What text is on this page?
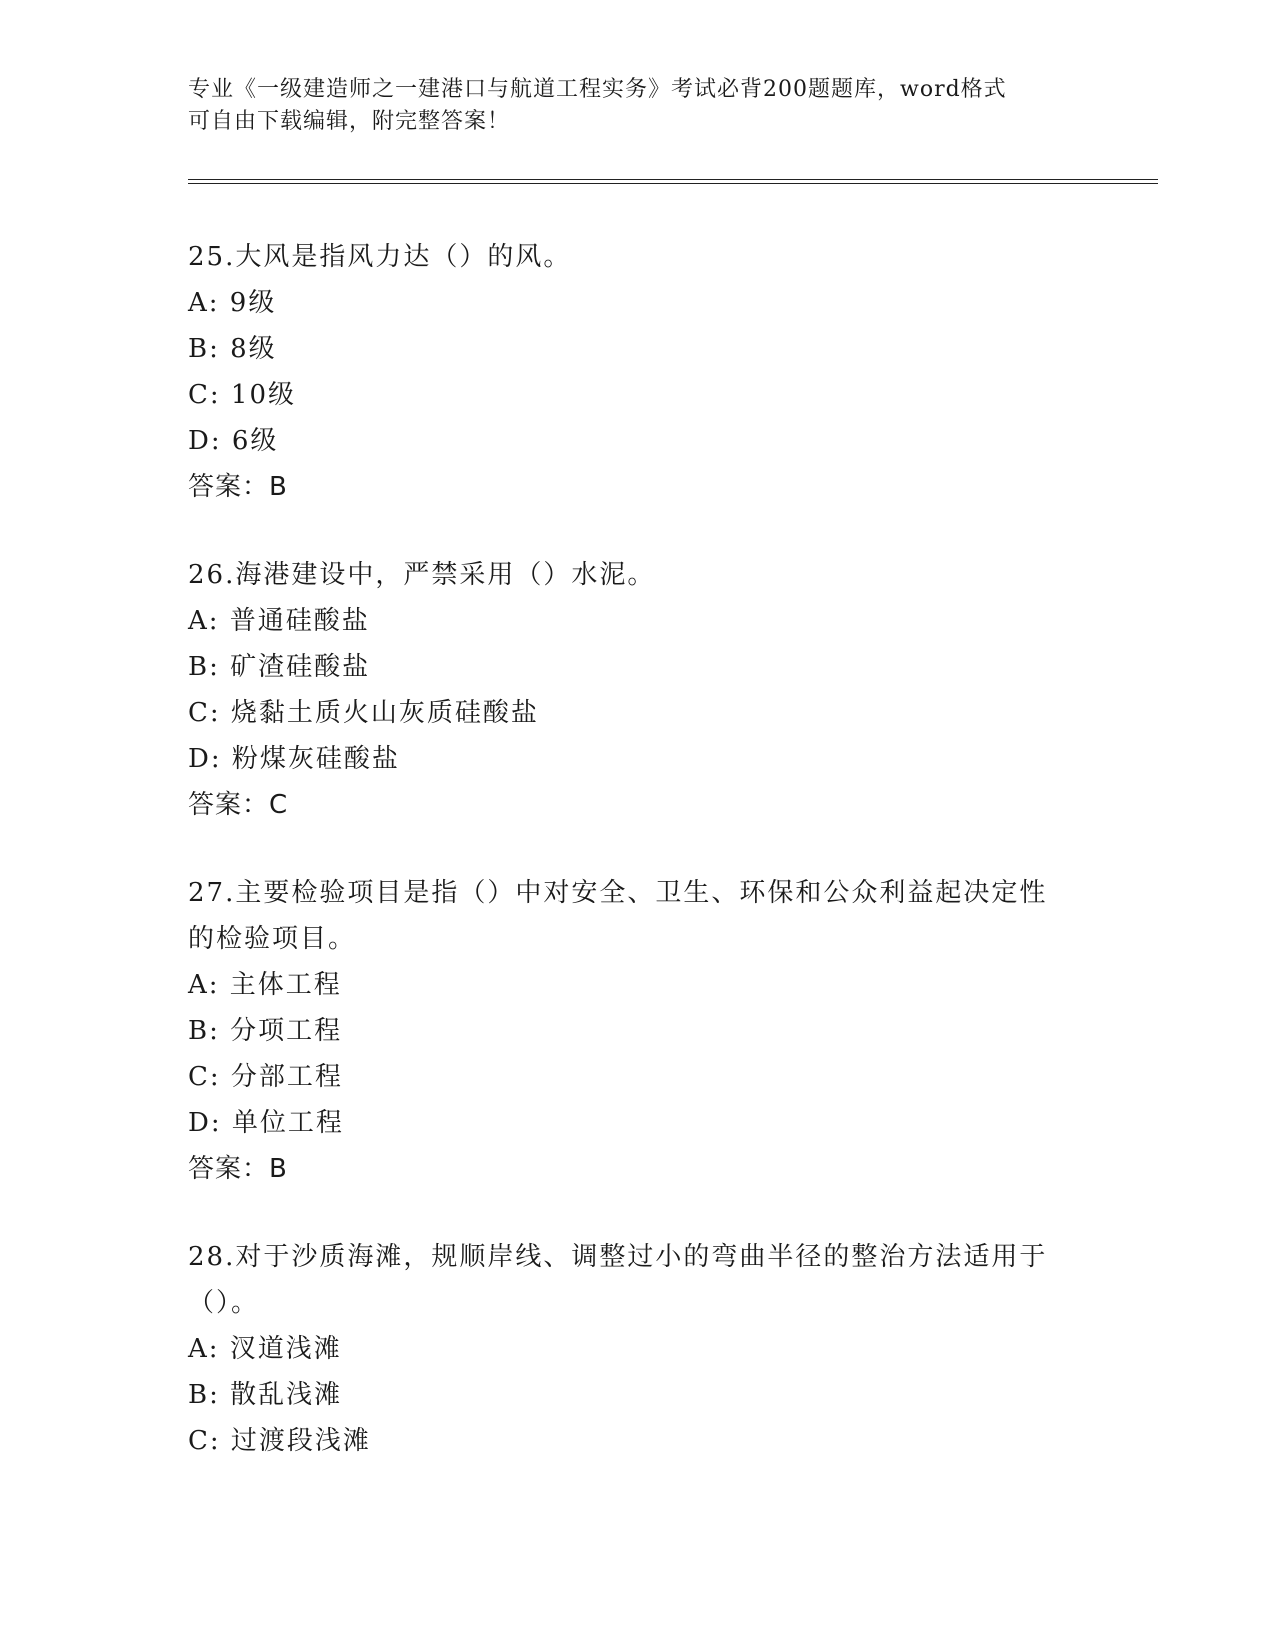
专业《一级建造师之一建港口与航道工程实务》考试必背200题题库，word格式
可自由下载编辑，附完整答案！
25.大风是指风力达（）的风。
A: 9级
B: 8级
C: 10级
D: 6级
答案：B
26.海港建设中，严禁采用（）水泥。
A: 普通硅酸盐
B: 矿渣硅酸盐
C: 烧黏土质火山灰质硅酸盐
D: 粉煤灰硅酸盐
答案：C
27.主要检验项目是指（）中对安全、卫生、环保和公众利益起决定性
的检验项目。
A: 主体工程
B: 分项工程
C: 分部工程
D: 单位工程
答案：B
28.对于沙质海滩，规顺岸线、调整过小的弯曲半径的整治方法适用于
（）。
A: 汊道浅滩
B: 散乱浅滩
C: 过渡段浅滩
